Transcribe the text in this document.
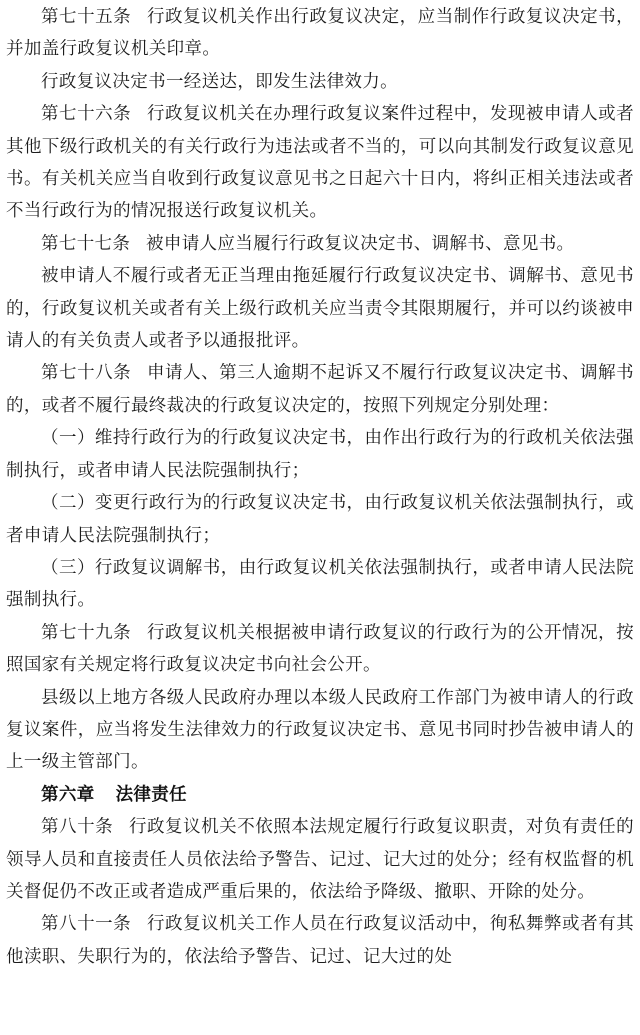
第七十五条 行政复议机关作出行政复议决定，应当制作行政复议决定书，并加盖行政复议机关印章。

行政复议决定书一经送达，即发生法律效力。

第七十六条 行政复议机关在办理行政复议案件过程中，发现被申请人或者其他下级行政机关的有关行政行为违法或者不当的，可以向其制发行政复议意见书。有关机关应当自收到行政复议意见书之日起六十日内，将纠正相关违法或者不当行政行为的情况报送行政复议机关。

第七十七条 被申请人应当履行行政复议决定书、调解书、意见书。

被申请人不履行或者无正当理由拖延履行行政复议决定书、调解书、意见书的，行政复议机关或者有关上级行政机关应当责令其限期履行，并可以约谈被申请人的有关负责人或者予以通报批评。

第七十八条 申请人、第三人逾期不起诉又不履行行政复议决定书、调解书的，或者不履行最终裁决的行政复议决定的，按照下列规定分别处理：

（一）维持行政行为的行政复议决定书，由作出行政行为的行政机关依法强制执行，或者申请人民法院强制执行；

（二）变更行政行为的行政复议决定书，由行政复议机关依法强制执行，或者申请人民法院强制执行；

（三）行政复议调解书，由行政复议机关依法强制执行，或者申请人民法院强制执行。

第七十九条 行政复议机关根据被申请行政复议的行政行为的公开情况，按照国家有关规定将行政复议决定书向社会公开。

县级以上地方各级人民政府办理以本级人民政府工作部门为被申请人的行政复议案件，应当将发生法律效力的行政复议决定书、意见书同时抄告被申请人的上一级主管部门。

第六章 法律责任

第八十条 行政复议机关不依照本法规定履行行政复议职责，对负有责任的领导人员和直接责任人员依法给予警告、记过、记大过的处分；经有权监督的机关督促仍不改正或者造成严重后果的，依法给予降级、撤职、开除的处分。

第八十一条 行政复议机关工作人员在行政复议活动中，徇私舞弊或者有其他渎职、失职行为的，依法给予警告、记过、记大过的处
